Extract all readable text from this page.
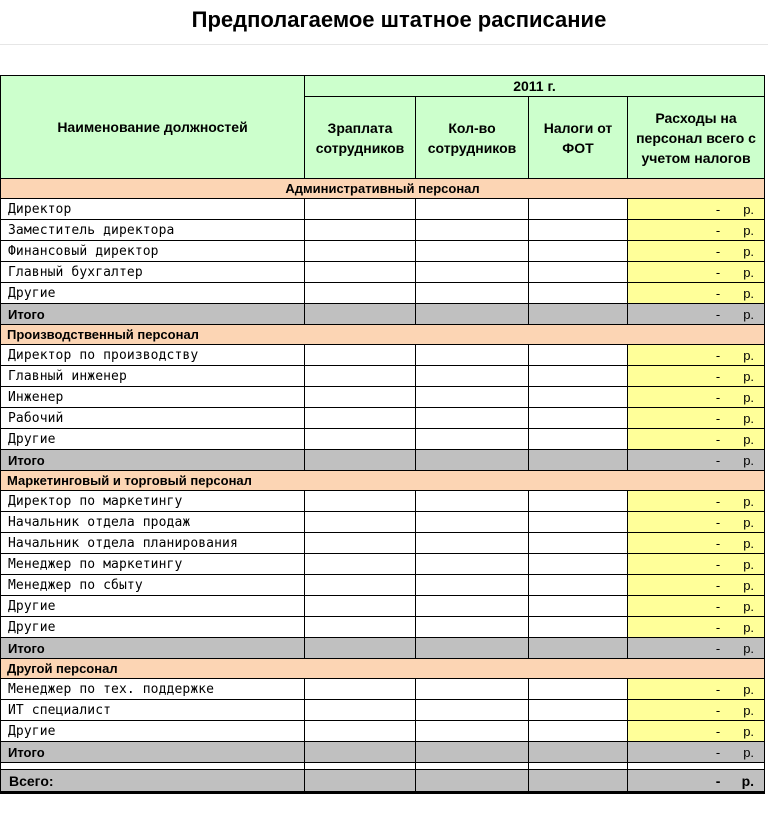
Предполагаемое штатное расписание
Наименование должностей	2011 г.			
	Зраплата сотрудников	Кол-во сотрудников	Налоги от ФОТ	Расходы на персонал всего с учетом налогов
Административный персонал				
Директор				- р.

Заместитель директора				- р.

Финансовый директор				- р.

Главный бухгалтер				- р.

Другие				- р.

Итого				- р.

Производственный персонал				
Директор по производству				- р.

Главный инженер				- р.

Инженер				- р.

Рабочий				- р.

Другие				- р.

Итого				- р.

Маркетинговый и торговый персонал				
Директор по маркетингу				- р.

Начальник отдела продаж				- р.

Начальник отдела планирования				- р.

Менеджер по маркетингу				- р.

Менеджер по сбыту				- р.

Другие				- р.

Другие				- р.

Итого				- р.

Другой персонал				
Менеджер по тех. поддержке				- р.

ИТ специалист				- р.

Другие				- р.

Итого				- р.

Всего:				- р.
